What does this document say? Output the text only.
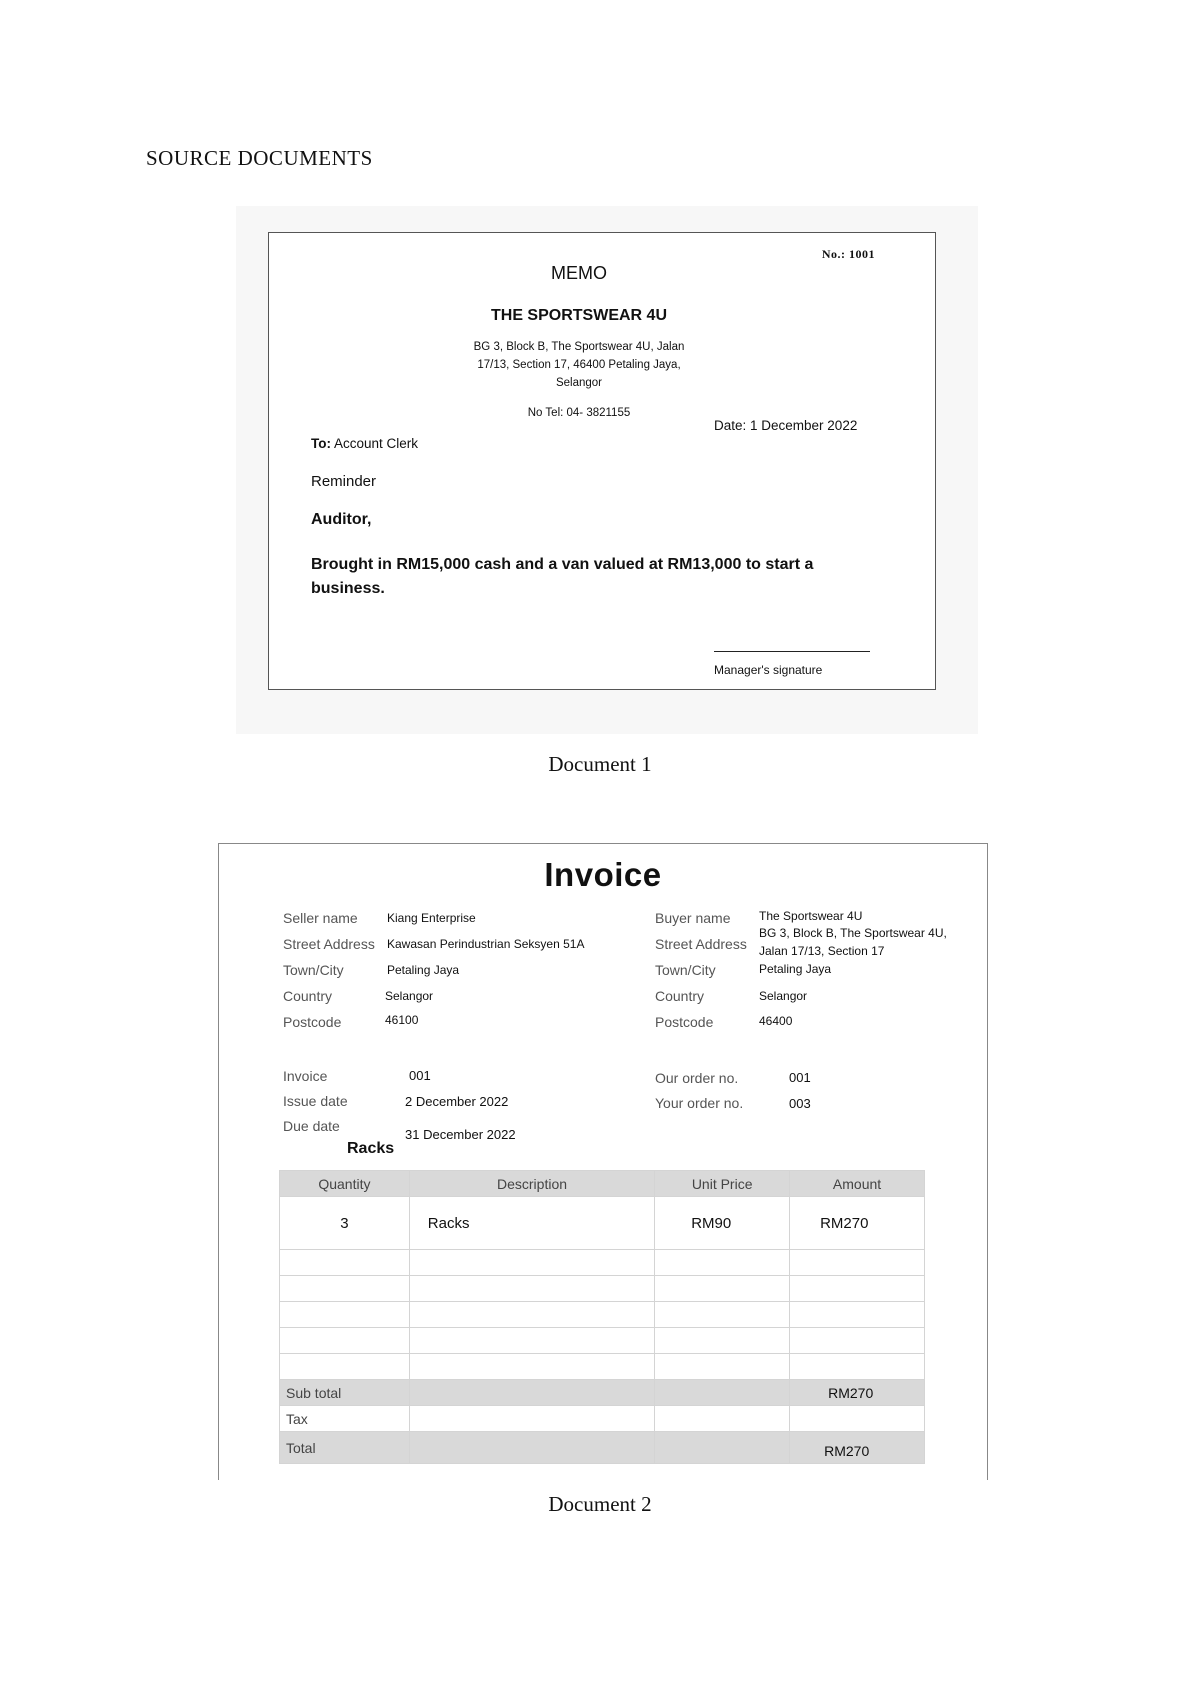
SOURCE DOCUMENTS
No.: 1001
MEMO
THE SPORTSWEAR 4U
BG 3, Block B, The Sportswear 4U, Jalan
17/13, Section 17, 46400 Petaling Jaya,
Selangor
No Tel: 04- 3821155
Date: 1 December 2022
To: Account Clerk
Reminder
Auditor,
Brought in RM15,000 cash and a van valued at RM13,000 to start a business.
Manager's signature
Document 1
Invoice
Seller name Kiang Enterprise
Street Address Kawasan Perindustrian Seksyen 51A
Town/City	Petaling Jaya
Country	Selangor
Postcode	46100
Buyer name The Sportswear 4U
Street Address
BG 3, Block B, The Sportswear 4U,
Jalan 17/13, Section 17
Town/City	Petaling Jaya
Country	Selangor
Postcode	46400
Invoice	001
Issue date	2 December 2022
Due date
31 December 2022
Racks
Our order no.	001
Your order no.	003
Quantity	Description	Unit Price	Amount
3	Racks	RM90	RM270

Sub total			RM270
Tax			
Total			RM270
Document 2
